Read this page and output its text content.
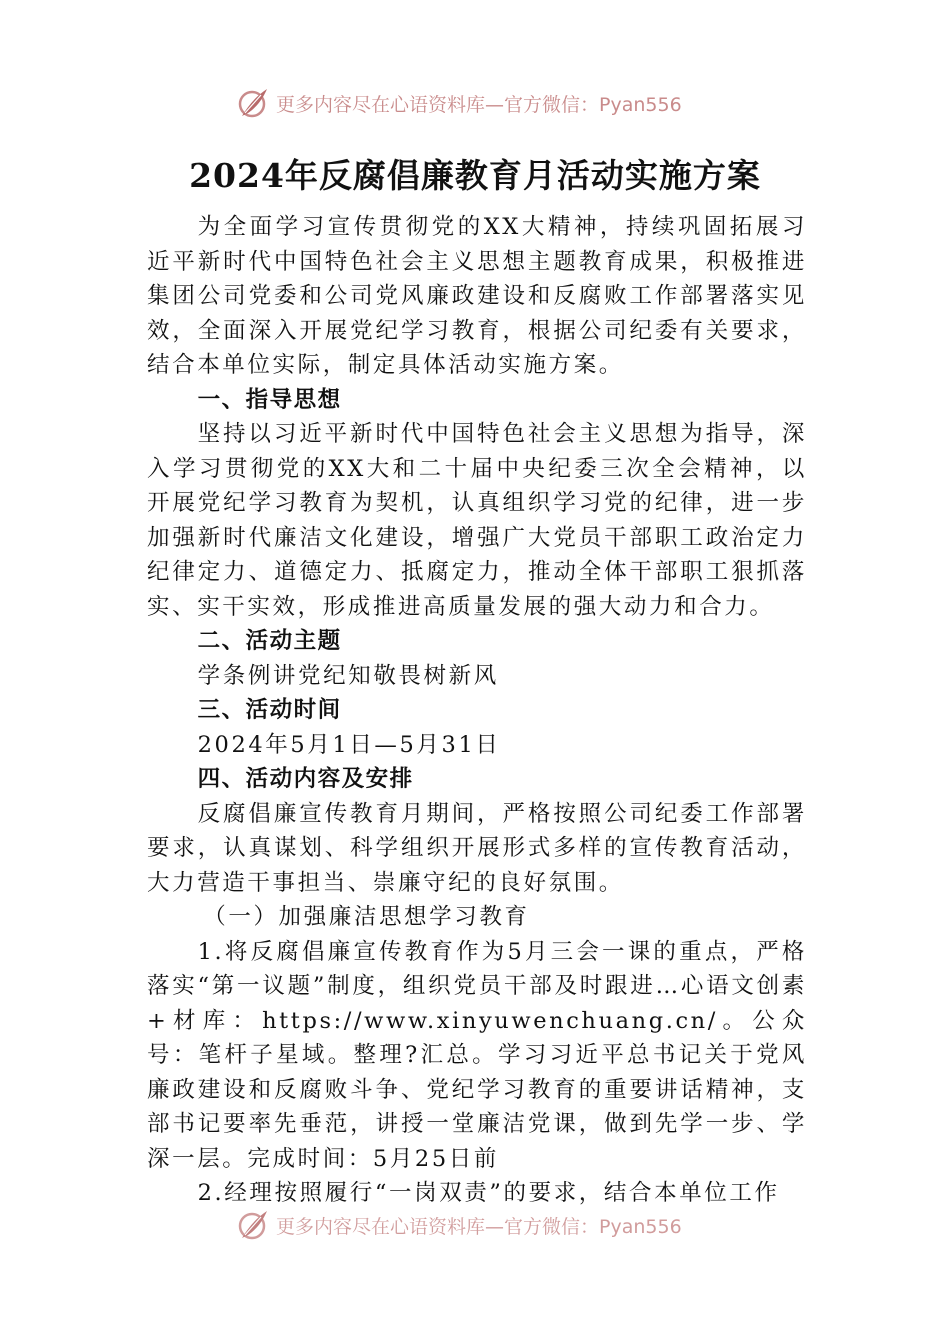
更多内容尽在心语资料库—官方微信：Pyan556
2024年反腐倡廉教育月活动实施方案

为全面学习宣传贯彻党的XX大精神，持续巩固拓展习近平新时代中国特色社会主义思想主题教育成果，积极推进集团公司党委和公司党风廉政建设和反腐败工作部署落实见效，全面深入开展党纪学习教育，根据公司纪委有关要求，结合本单位实际，制定具体活动实施方案。

一、指导思想

坚持以习近平新时代中国特色社会主义思想为指导，深入学习贯彻党的XX大和二十届中央纪委三次全会精神，以开展党纪学习教育为契机，认真组织学习党的纪律，进一步加强新时代廉洁文化建设，增强广大党员干部职工政治定力纪律定力、道德定力、抵腐定力，推动全体干部职工狠抓落实、实干实效，形成推进高质量发展的强大动力和合力。

二、活动主题

学条例讲党纪知敬畏树新风

三、活动时间

2024年5月1日—5月31日

四、活动内容及安排

反腐倡廉宣传教育月期间，严格按照公司纪委工作部署要求，认真谋划、科学组织开展形式多样的宣传教育活动，大力营造干事担当、崇廉守纪的良好氛围。

（一）加强廉洁思想学习教育

1.将反腐倡廉宣传教育作为5月三会一课的重点，严格落实“第一议题”制度，组织党员干部及时跟进…心语文创素+材库：https://www.xinyuwenchuang.cn/。公众号：笔杆子星域。整理?汇总。学习习近平总书记关于党风廉政建设和反腐败斗争、党纪学习教育的重要讲话精神，支部书记要率先垂范，讲授一堂廉洁党课，做到先学一步、学深一层。完成时间：5月25日前

2.经理按照履行“一岗双责”的要求，结合本单位工作

更多内容尽在心语资料库—官方微信：Pyan556
